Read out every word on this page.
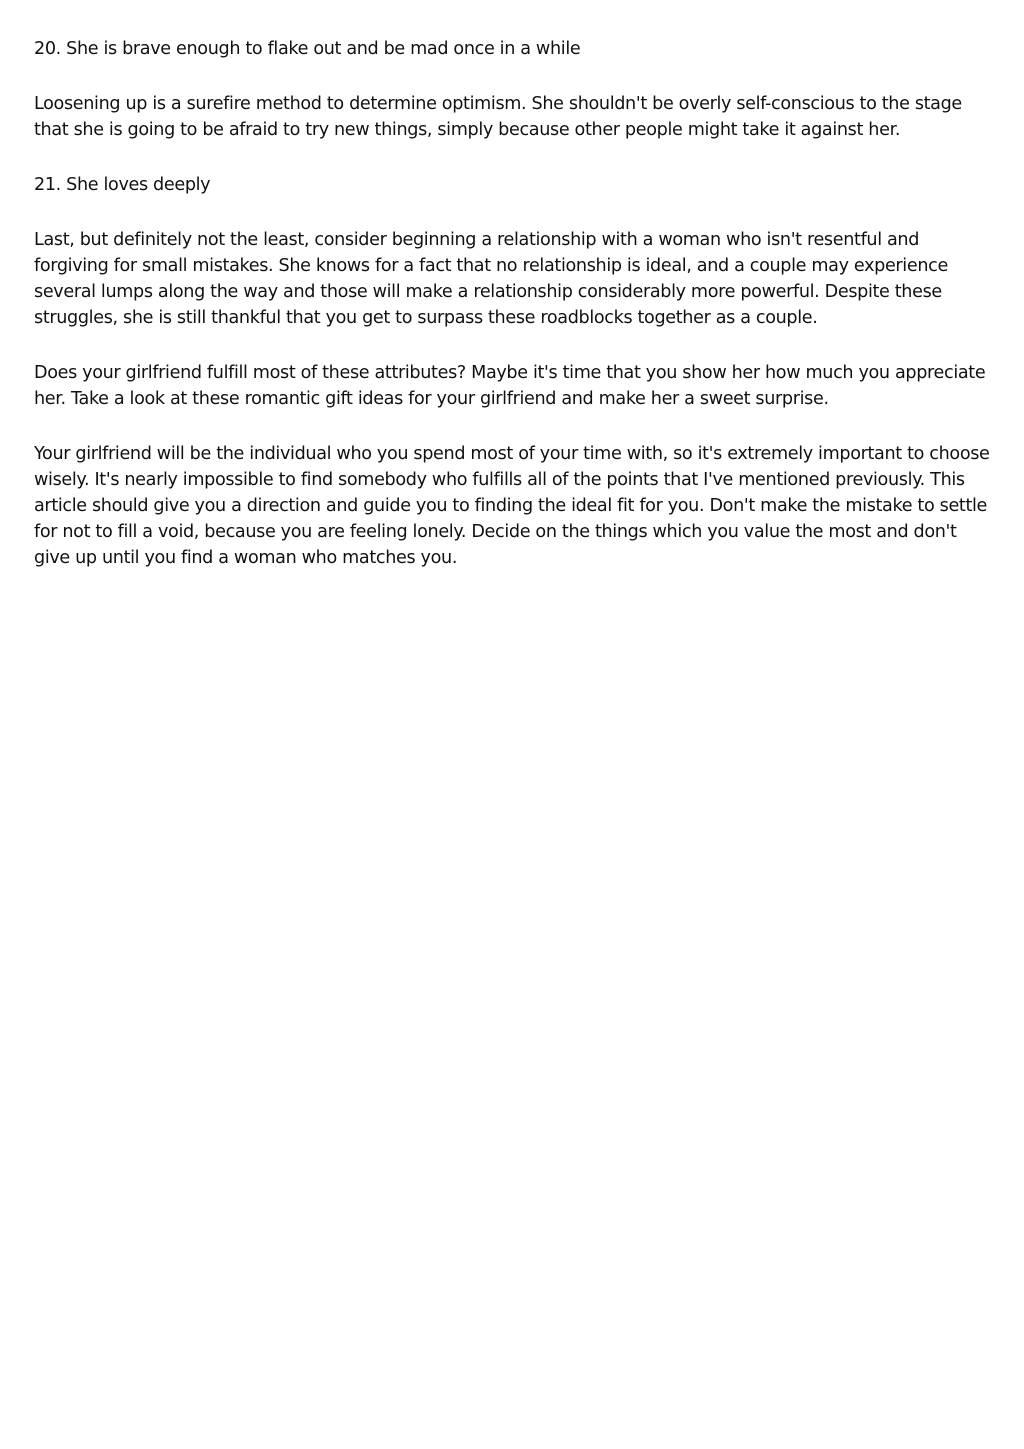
20. She is brave enough to flake out and be mad once in a while

Loosening up is a surefire method to determine optimism. She shouldn't be overly self-conscious to the stage that she is going to be afraid to try new things, simply because other people might take it against her.

21. She loves deeply

Last, but definitely not the least, consider beginning a relationship with a woman who isn't resentful and forgiving for small mistakes. She knows for a fact that no relationship is ideal, and a couple may experience several lumps along the way and those will make a relationship considerably more powerful. Despite these struggles, she is still thankful that you get to surpass these roadblocks together as a couple.

Does your girlfriend fulfill most of these attributes? Maybe it's time that you show her how much you appreciate her. Take a look at these romantic gift ideas for your girlfriend and make her a sweet surprise.

Your girlfriend will be the individual who you spend most of your time with, so it's extremely important to choose wisely. It's nearly impossible to find somebody who fulfills all of the points that I've mentioned previously. This article should give you a direction and guide you to finding the ideal fit for you. Don't make the mistake to settle for not to fill a void, because you are feeling lonely. Decide on the things which you value the most and don't give up until you find a woman who matches you.
